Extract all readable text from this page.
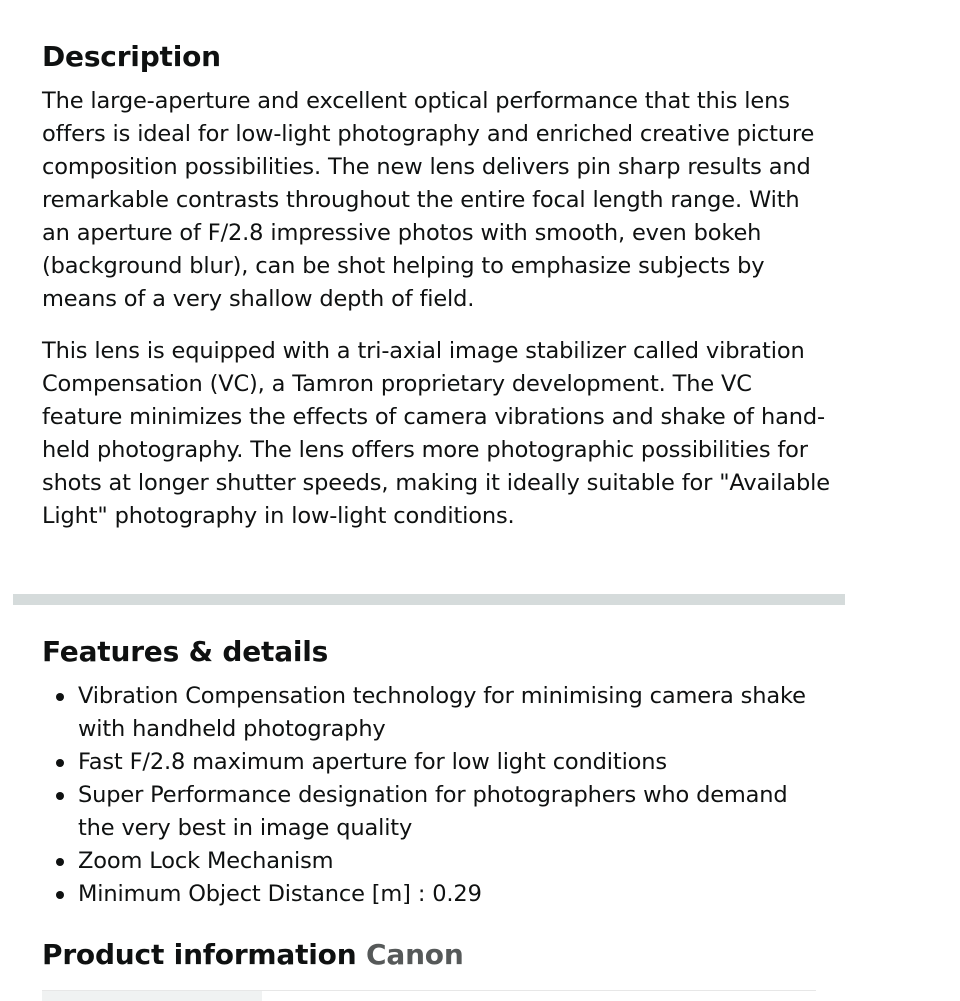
Description

The large-aperture and excellent optical performance that this lens offers is ideal for low-light photography and enriched creative picture composition possibilities. The new lens delivers pin sharp results and remarkable contrasts throughout the entire focal length range. With an aperture of F/2.8 impressive photos with smooth, even bokeh (background blur), can be shot helping to emphasize subjects by means of a very shallow depth of field.

This lens is equipped with a tri-axial image stabilizer called vibration Compensation (VC), a Tamron proprietary development. The VC feature minimizes the effects of camera vibrations and shake of hand-held photography. The lens offers more photographic possibilities for shots at longer shutter speeds, making it ideally suitable for "Available Light" photography in low-light conditions.

Features & details
Vibration Compensation technology for minimising camera shake with handheld photography
Fast F/2.8 maximum aperture for low light conditions
Super Performance designation for photographers who demand the very best in image quality
Zoom Lock Mechanism
Minimum Object Distance [m] : 0.29
Product information Canon
